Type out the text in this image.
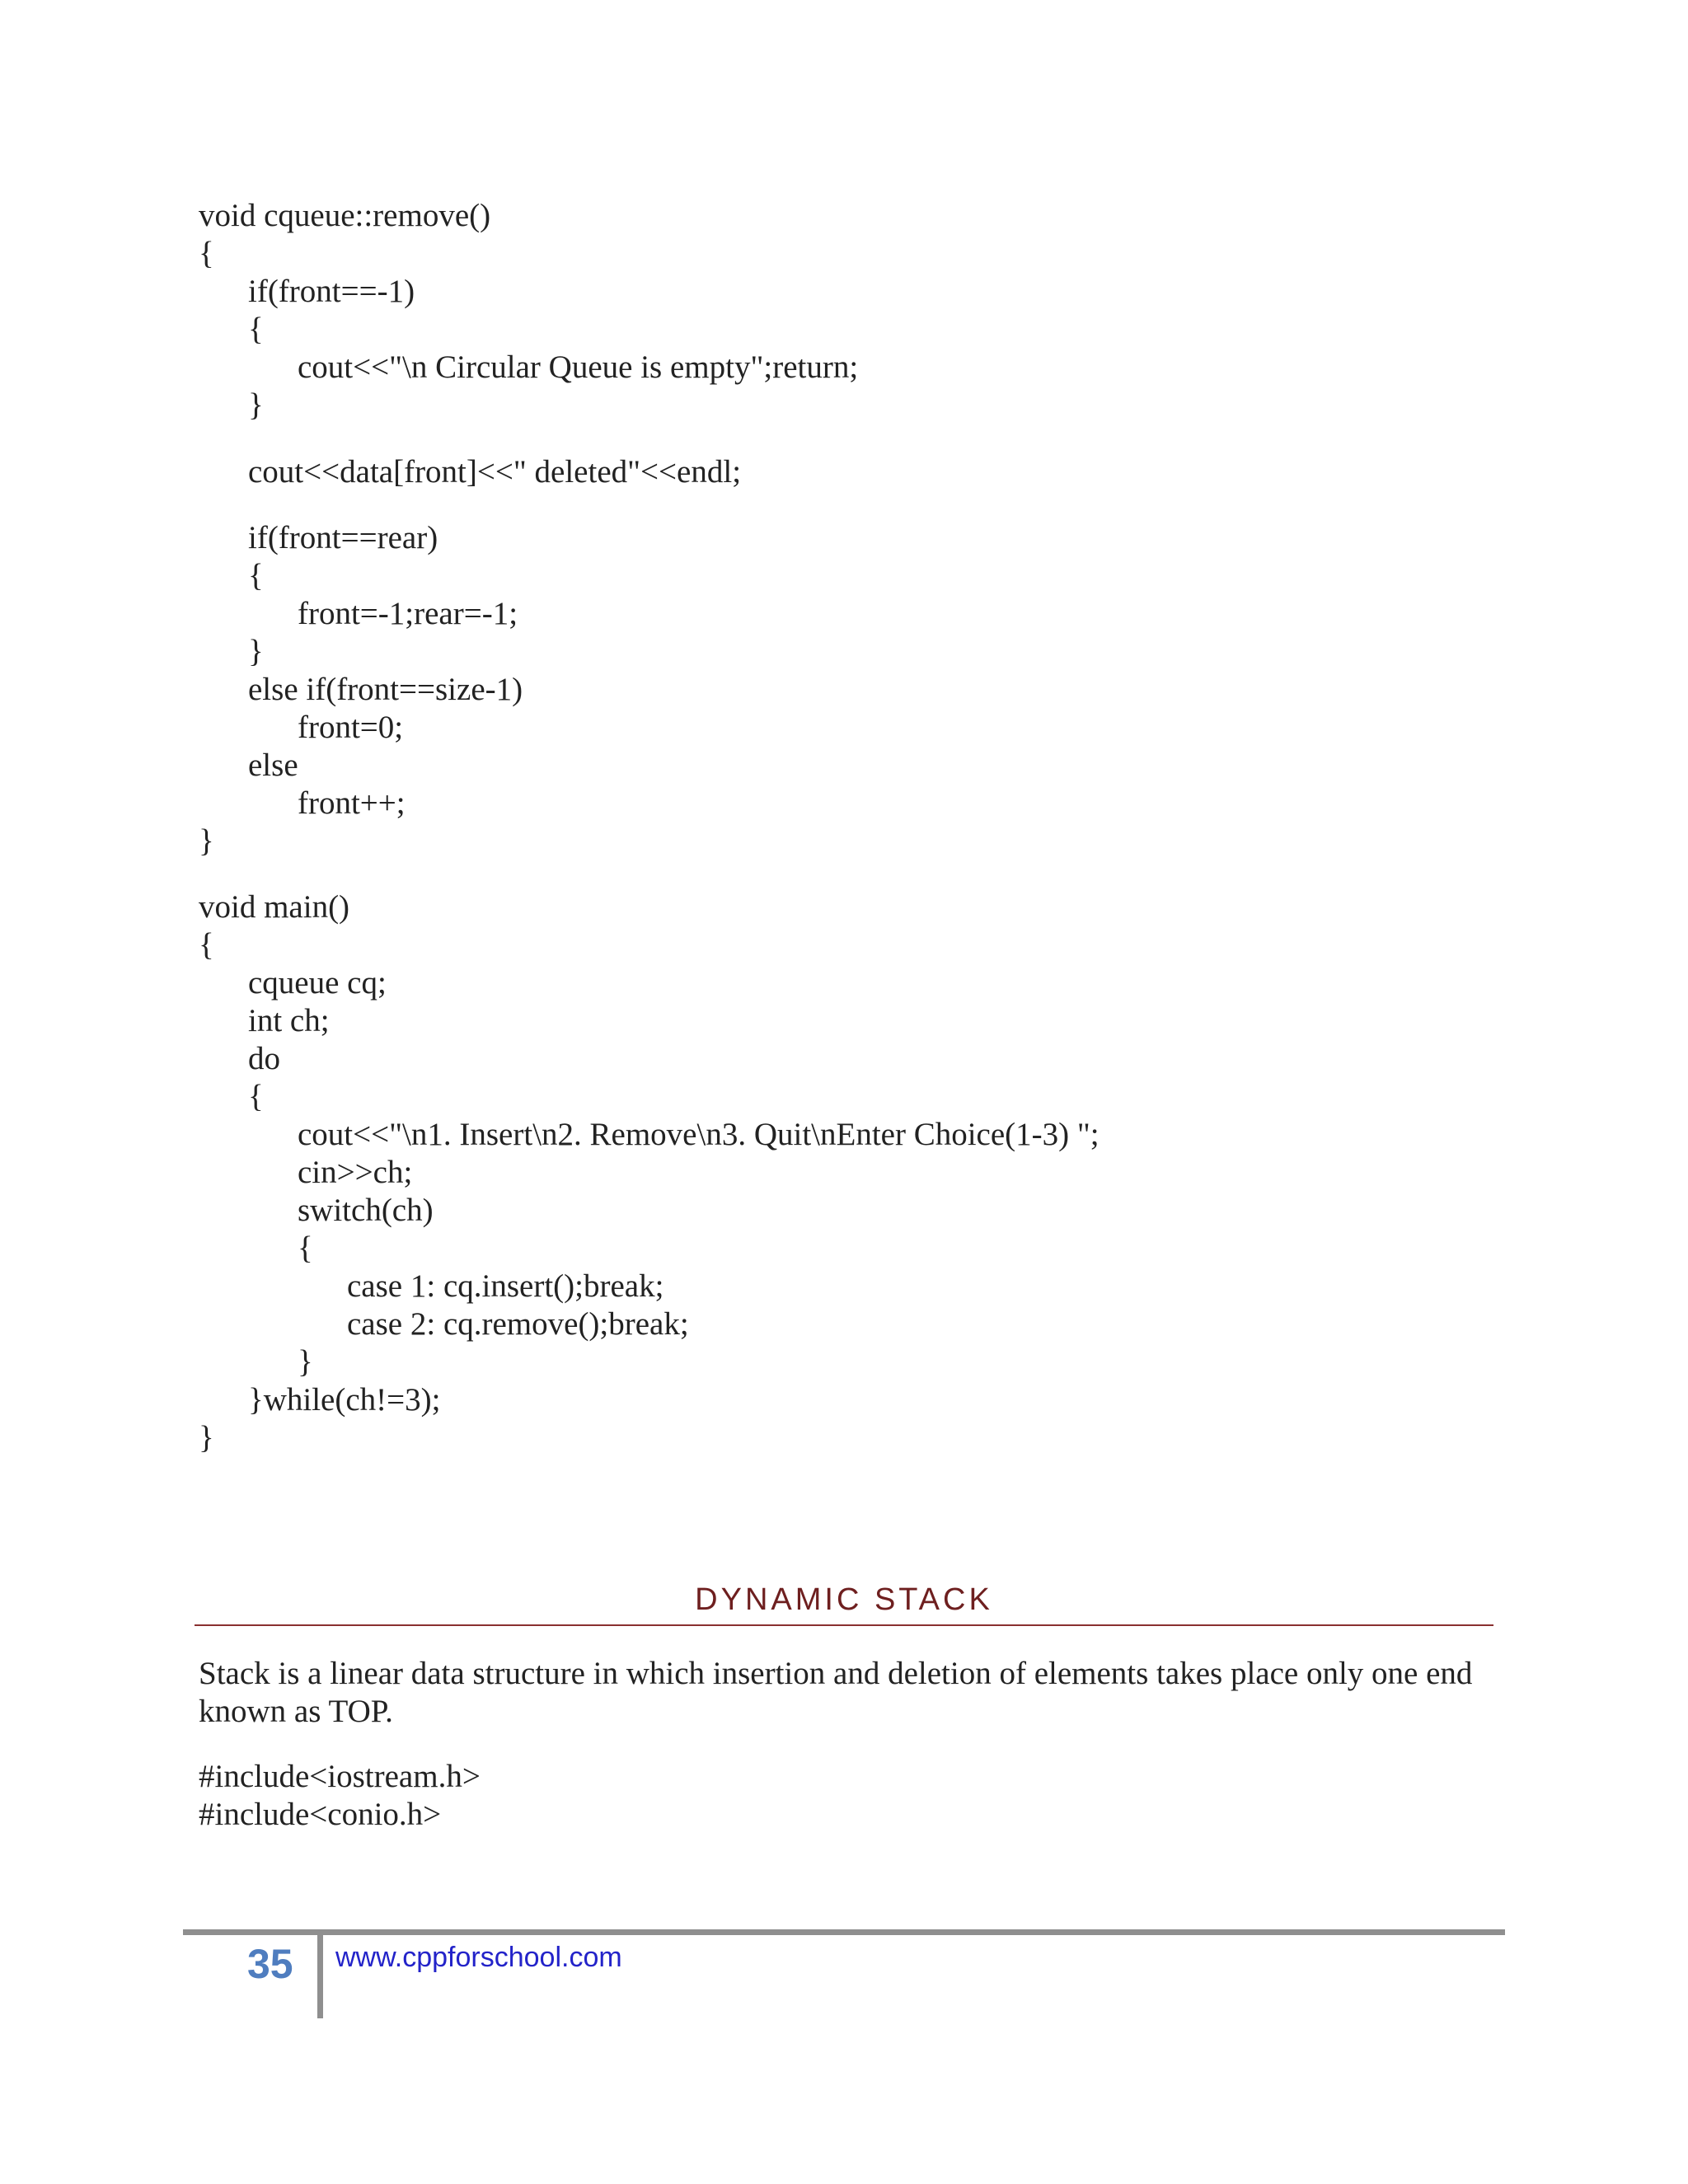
void cqueue::remove()
{
if(front==-1)
{
cout<<"\n Circular Queue is empty";return;
}
cout<<data[front]<<" deleted"<<endl;
if(front==rear)
{
front=-1;rear=-1;
}
else if(front==size-1)
front=0;
else
front++;
}
void main()
{
cqueue cq;
int ch;
do
{
cout<<"\n1. Insert\n2. Remove\n3. Quit\nEnter Choice(1-3) ";
cin>>ch;
switch(ch)
{
case 1: cq.insert();break;
case 2: cq.remove();break;
}
}while(ch!=3);
}
DYNAMIC STACK
Stack is a linear data structure in which insertion and deletion of elements takes place only one end known as TOP.
#include<iostream.h>
#include<conio.h>
35 www.cppforschool.com
